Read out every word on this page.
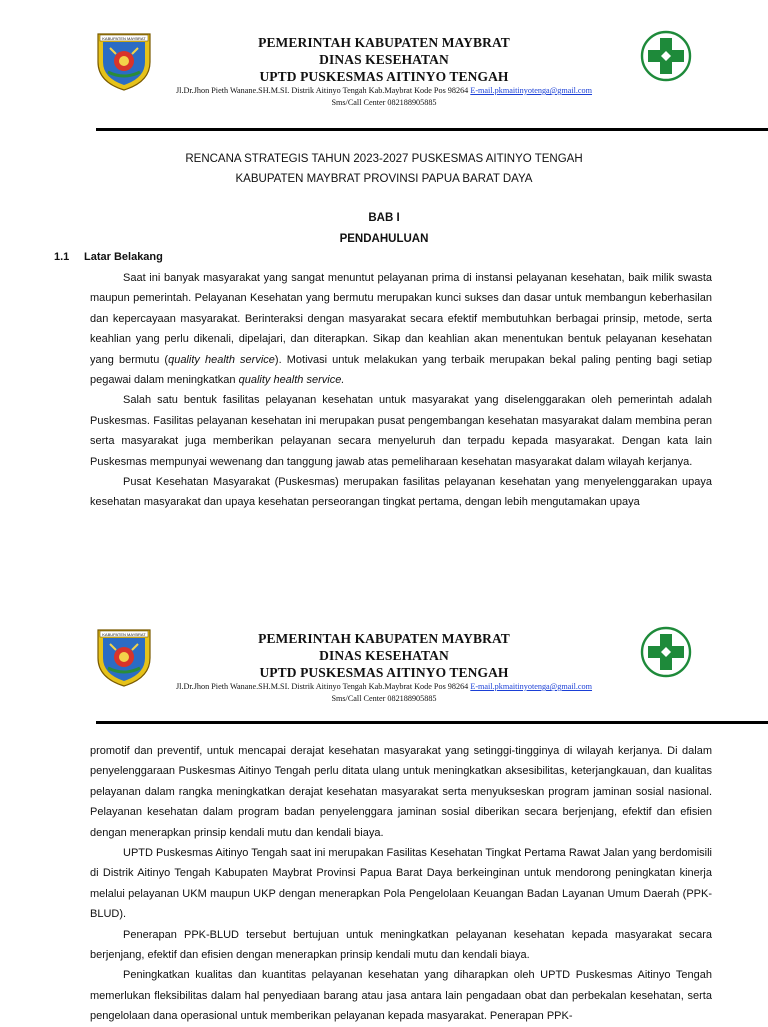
KABUPATEN MAYBRAT	PEMERINTAH KABUPATEN MAYBRAT
DINAS KESEHATAN
UPTD PUSKESMAS AITINYO TENGAH
Jl.Dr.Jhon Pieth Wanane.SH.M.SI. Distrik Aitinyo Tengah Kab.Maybrat Kode Pos 98264 E-mail.pkmaitinyotenga@gmail.com
Sms/Call Center 082188905885
RENCANA STRATEGIS TAHUN 2023-2027 PUSKESMAS AITINYO TENGAH
KABUPATEN MAYBRAT PROVINSI PAPUA BARAT DAYA
BAB I
PENDAHULUAN
1.1 Latar Belakang

Saat ini banyak masyarakat yang sangat menuntut pelayanan prima di instansi pelayanan kesehatan, baik milik swasta maupun pemerintah. Pelayanan Kesehatan yang bermutu merupakan kunci sukses dan dasar untuk membangun keberhasilan dan kepercayaan masyarakat. Berinteraksi dengan masyarakat secara efektif membutuhkan berbagai prinsip, metode, serta keahlian yang perlu dikenali, dipelajari, dan diterapkan. Sikap dan keahlian akan menentukan bentuk pelayanan kesehatan yang bermutu (quality health service). Motivasi untuk melakukan yang terbaik merupakan bekal paling penting bagi setiap pegawai dalam meningkatkan quality health service.

Salah satu bentuk fasilitas pelayanan kesehatan untuk masyarakat yang diselenggarakan oleh pemerintah adalah Puskesmas. Fasilitas pelayanan kesehatan ini merupakan pusat pengembangan kesehatan masyarakat dalam membina peran serta masyarakat juga memberikan pelayanan secara menyeluruh dan terpadu kepada masyarakat. Dengan kata lain Puskesmas mempunyai wewenang dan tanggung jawab atas pemeliharaan kesehatan masyarakat dalam wilayah kerjanya.

Pusat Kesehatan Masyarakat (Puskesmas) merupakan fasilitas pelayanan kesehatan yang menyelenggarakan upaya kesehatan masyarakat dan upaya kesehatan perseorangan tingkat pertama, dengan lebih mengutamakan upaya

KABUPATEN MAYBRAT	PEMERINTAH KABUPATEN MAYBRAT
DINAS KESEHATAN
UPTD PUSKESMAS AITINYO TENGAH
Jl.Dr.Jhon Pieth Wanane.SH.M.SI. Distrik Aitinyo Tengah Kab.Maybrat Kode Pos 98264 E-mail.pkmaitinyotenga@gmail.com
Sms/Call Center 082188905885

promotif dan preventif, untuk mencapai derajat kesehatan masyarakat yang setinggi-tingginya di wilayah kerjanya. Di dalam penyelenggaraan Puskesmas Aitinyo Tengah perlu ditata ulang untuk meningkatkan aksesibilitas, keterjangkauan, dan kualitas pelayanan dalam rangka meningkatkan derajat kesehatan masyarakat serta menyukseskan program jaminan sosial nasional. Pelayanan kesehatan dalam program badan penyelenggara jaminan sosial diberikan secara berjenjang, efektif dan efisien dengan menerapkan prinsip kendali mutu dan kendali biaya.

UPTD Puskesmas Aitinyo Tengah saat ini merupakan Fasilitas Kesehatan Tingkat Pertama Rawat Jalan yang berdomisili di Distrik Aitinyo Tengah Kabupaten Maybrat Provinsi Papua Barat Daya berkeinginan untuk mendorong peningkatan kinerja melalui pelayanan UKM maupun UKP dengan menerapkan Pola Pengelolaan Keuangan Badan Layanan Umum Daerah (PPK-BLUD).

Penerapan PPK-BLUD tersebut bertujuan untuk meningkatkan pelayanan kesehatan kepada masyarakat secara berjenjang, efektif dan efisien dengan menerapkan prinsip kendali mutu dan kendali biaya.

Peningkatkan kualitas dan kuantitas pelayanan kesehatan yang diharapkan oleh UPTD Puskesmas Aitinyo Tengah memerlukan fleksibilitas dalam hal penyediaan barang atau jasa antara lain pengadaan obat dan perbekalan kesehatan, serta pengelolaan dana operasional untuk memberikan pelayanan kepada masyarakat. Penerapan PPK-
